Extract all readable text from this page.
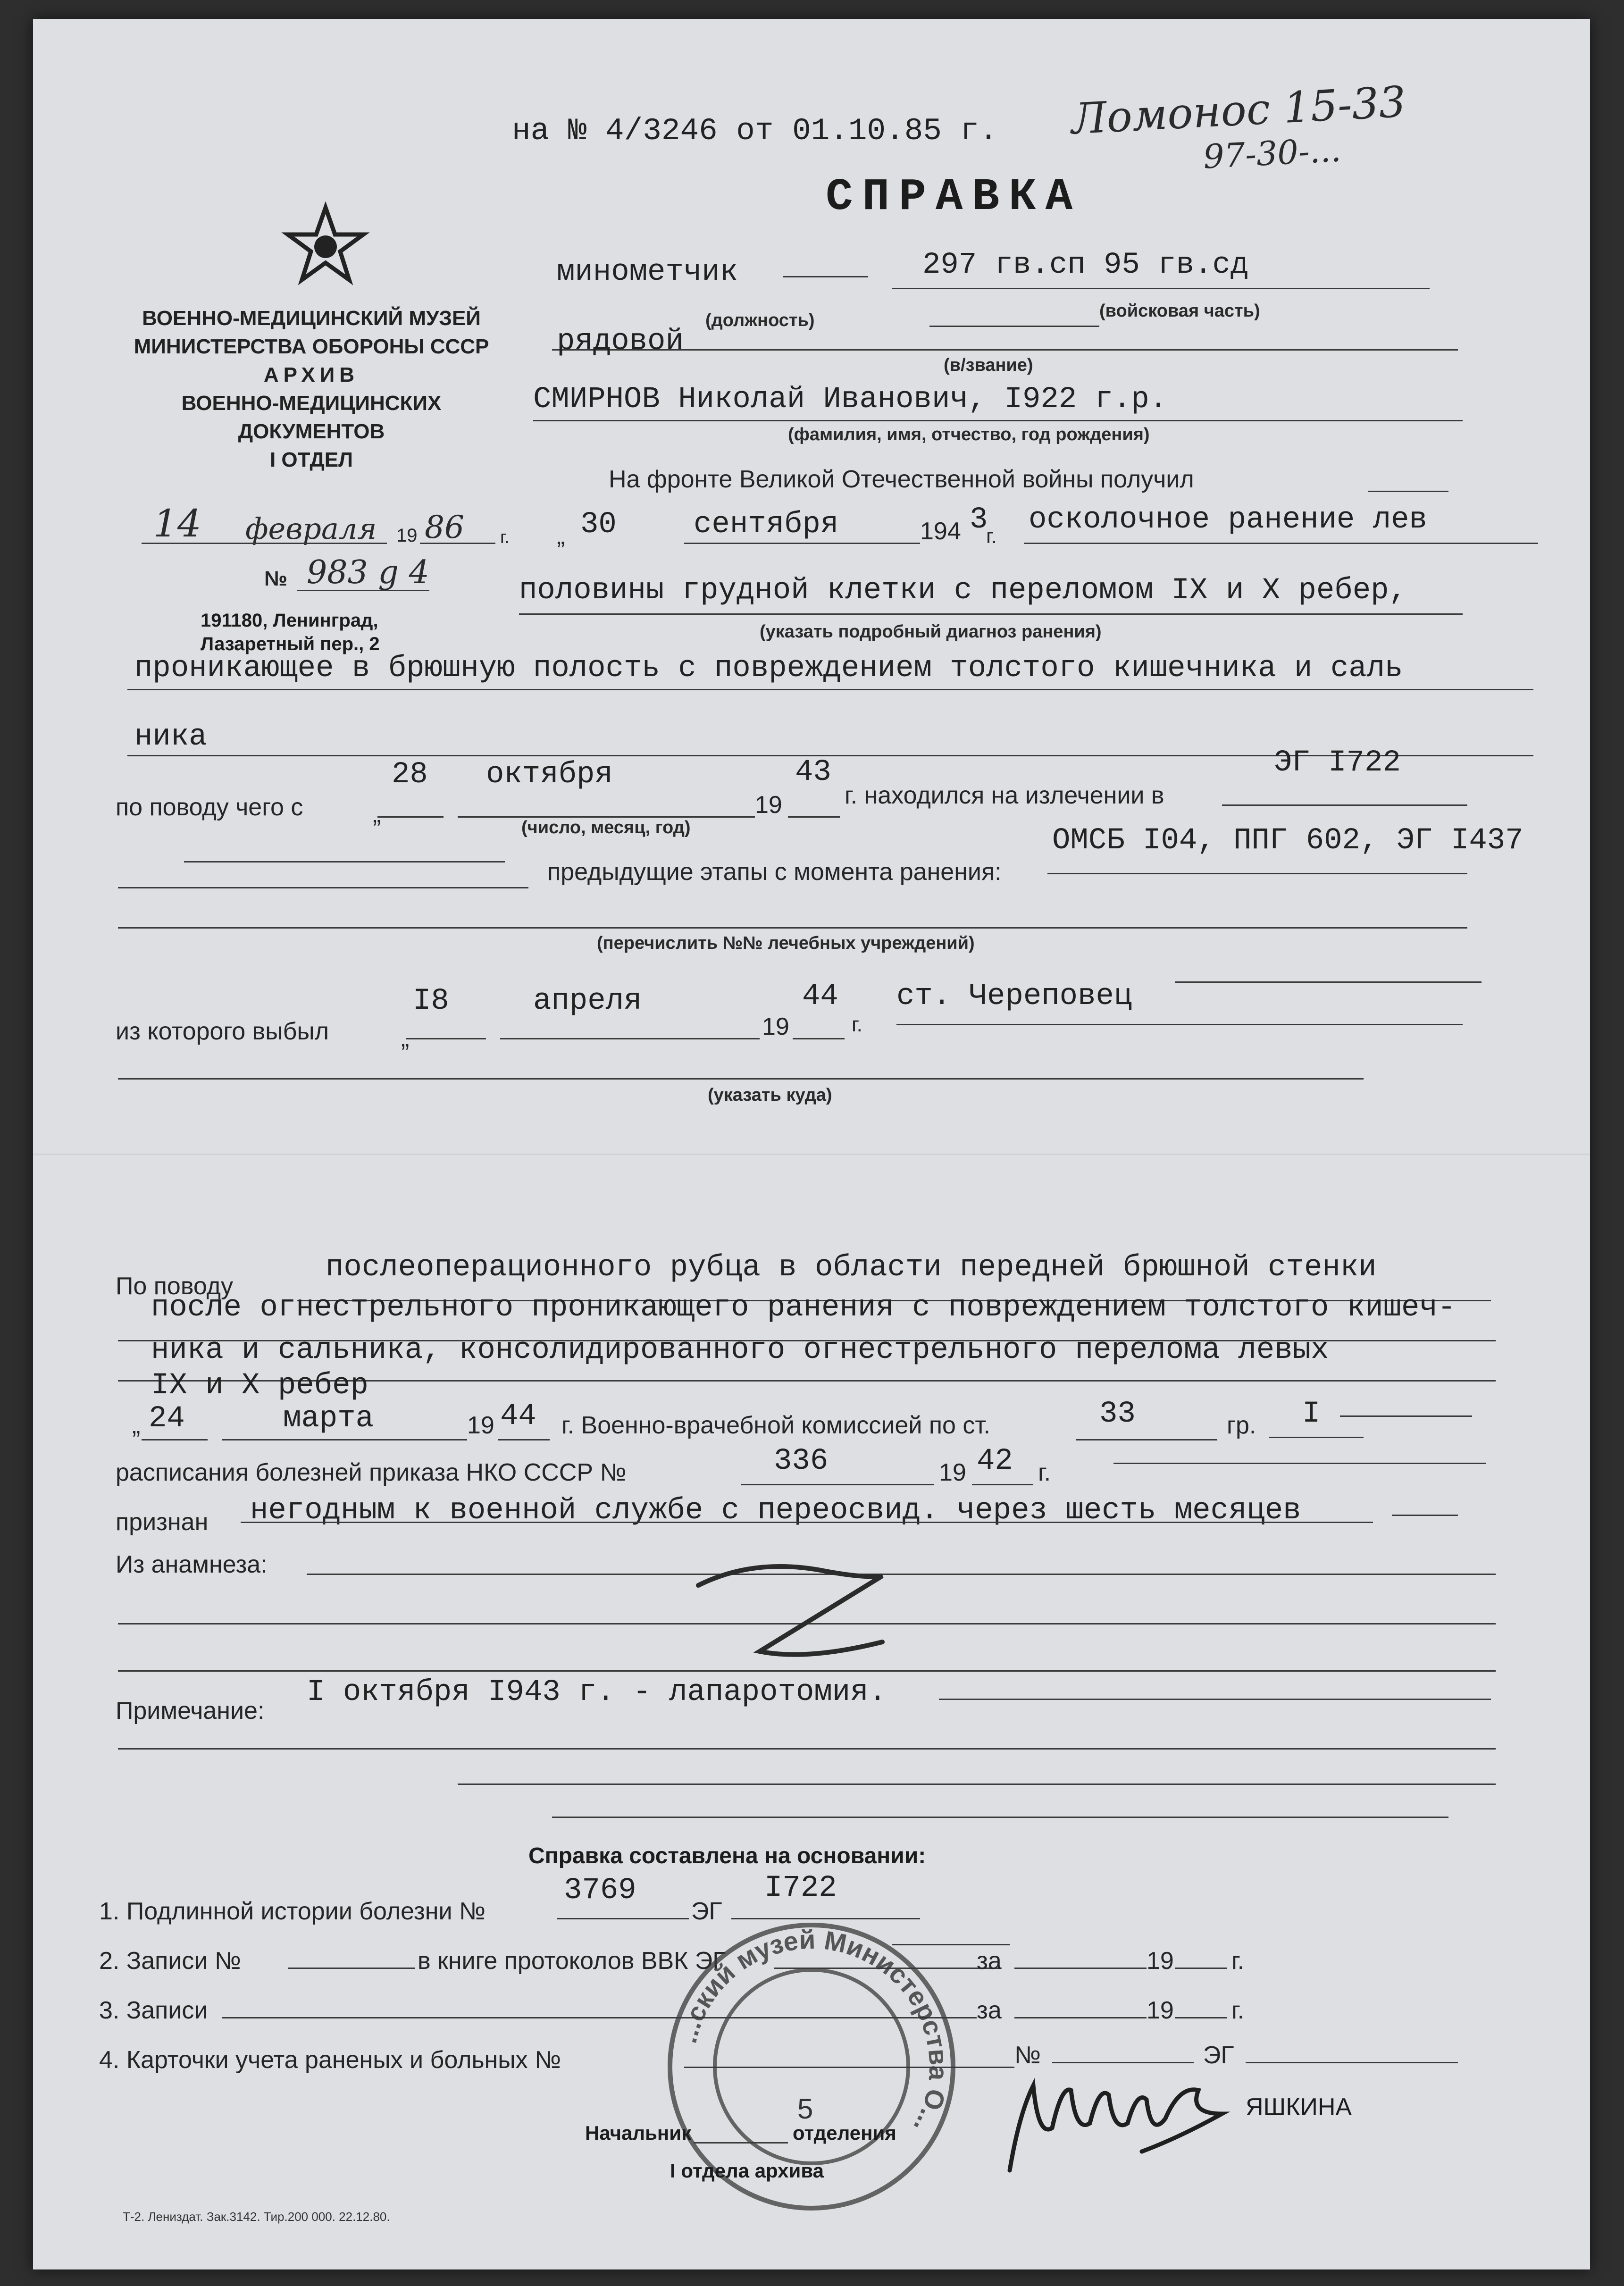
на № 4/3246 от 01.10.85 г.
СПРАВКА
Ломонос 15-33
97-30-...
ВОЕННО-МЕДИЦИНСКИЙ МУЗЕЙ
МИНИСТЕРСТВА ОБОРОНЫ СССР
АРХИВ
ВОЕННО-МЕДИЦИНСКИХ
ДОКУМЕНТОВ
I ОТДЕЛ
14 февраля 19 86 г.
№ 983 g 4
191180, Ленинград,
Лазаретный пер., 2
минометчик	297 гв.сп 95 гв.сд
(должность)	(войсковая часть)
рядовой
(в/звание)
СМИРНОВ Николай Иванович, I922 г.р.
(фамилия, имя, отчество, год рождения)
На фронте Великой Отечественной войны получил
„ 30	сентября	194 3
г. осколочное ранение лев
половины грудной клетки с переломом IX и X ребер,
(указать подробный диагноз ранения)
проникающее в брюшную полость с повреждением толстого кишечника и саль
ника
по поводу чего с	„
28 октября
19
43
г. находился на излечении в
ЭГ I722
(число, месяц, год)
предыдущие этапы с момента ранения:
ОМСБ I04, ППГ 602, ЭГ I437
(перечислить №№ лечебных учреждений)
из которого выбыл	„
I8	апреля
19
44
г.
ст. Череповец
(указать куда)
По поводу
послеоперационного рубца в области передней брюшной стенки
после огнестрельного проникающего ранения с повреждением толстого кишеч-
ника и сальника, консолидированного огнестрельного перелома левых
IX и X ребер
„ 24	марта	19 44 г. Военно-врачебной комиссией по ст.	33	гр. I
расписания болезней приказа НКО СССР №	336	19 42 г.
признан негодным к военной службе с переосвид. через шесть месяцев
Из анамнеза:
Примечание:
I октября I943 г. - лапаротомия.
Справка составлена на основании:
1. Подлинной истории болезни №
3769
ЭГ
I722
2. Записи №	в книге протоколов ВВК ЭГ	за	19 г.
3. Записи	за	19 г.
4. Карточки учета раненых и больных №	№	ЭГ
...ский музей Министерства О...
5
Начальник	отделения
I отдела архива
ЯШКИНА
Т-2. Лениздат. Зак.3142. Тир.200 000. 22.12.80.
